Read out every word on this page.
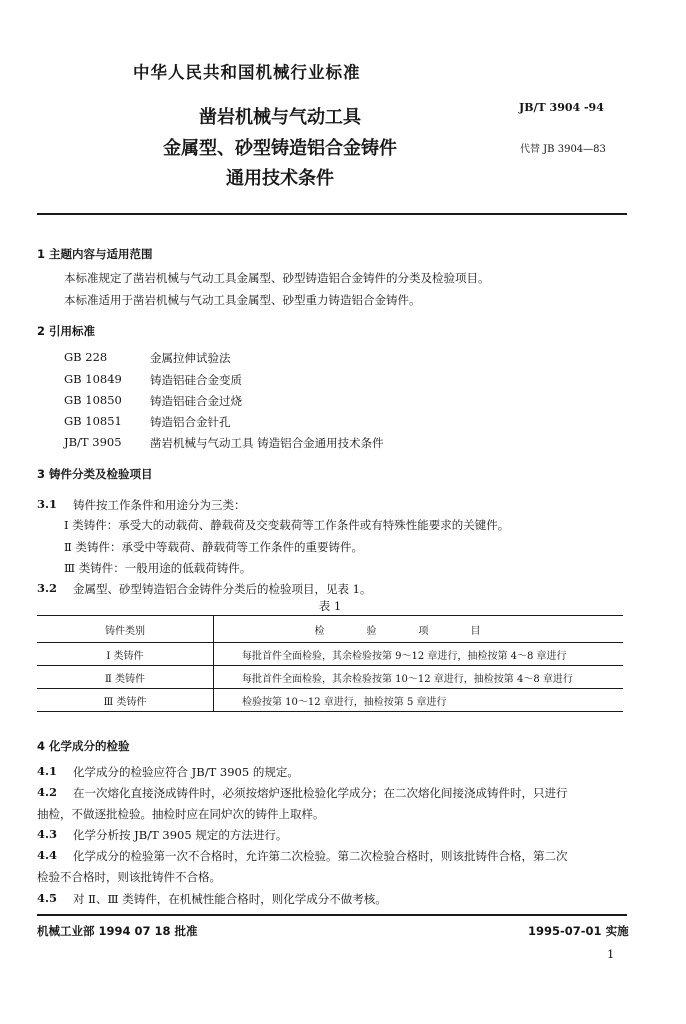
中华人民共和国机械行业标准
凿岩机械与气动工具
金属型、砂型铸造铝合金铸件
通用技术条件
JB/T 3904 -94
代替 JB 3904—83
1 主题内容与适用范围
本标准规定了凿岩机械与气动工具金属型、砂型铸造铝合金铸件的分类及检验项目。
本标准适用于凿岩机械与气动工具金属型、砂型重力铸造铝合金铸件。
2 引用标准
GB 228	金属拉伸试验法
GB 10849 铸造铝硅合金变质
GB 10850 铸造铝硅合金过烧
GB 10851 铸造铝合金针孔
JB/T 3905 凿岩机械与气动工具 铸造铝合金通用技术条件
3 铸件分类及检验项目
3.1 铸件按工作条件和用途分为三类：
Ⅰ 类铸件：承受大的动载荷、静载荷及交变载荷等工作条件或有特殊性能要求的关键件。
Ⅱ 类铸件：承受中等载荷、静载荷等工作条件的重要铸件。
Ⅲ 类铸件：一般用途的低载荷铸件。
3.2 金属型、砂型铸造铝合金铸件分类后的检验项目，见表 1。
表 1
铸件类别	检验项目
Ⅰ 类铸件	每批首件全面检验，其余检验按第 9～12 章进行，抽检按第 4～8 章进行
Ⅱ 类铸件	每批首件全面检验，其余检验按第 10～12 章进行，抽检按第 4～8 章进行
Ⅲ 类铸件	检验按第 10～12 章进行，抽检按第 5 章进行
4 化学成分的检验
4.1 化学成分的检验应符合 JB/T 3905 的规定。
4.2 在一次熔化直接浇成铸件时，必须按熔炉逐批检验化学成分；在二次熔化间接浇成铸件时，只进行
抽检，不做逐批检验。抽检时应在同炉次的铸件上取样。
4.3 化学分析按 JB/T 3905 规定的方法进行。
4.4 化学成分的检验第一次不合格时，允许第二次检验。第二次检验合格时，则该批铸件合格，第二次
检验不合格时，则该批铸件不合格。
4.5 对 Ⅱ、Ⅲ 类铸件，在机械性能合格时，则化学成分不做考核。
机械工业部 1994 07 18 批准	1995-07-01 实施
1
